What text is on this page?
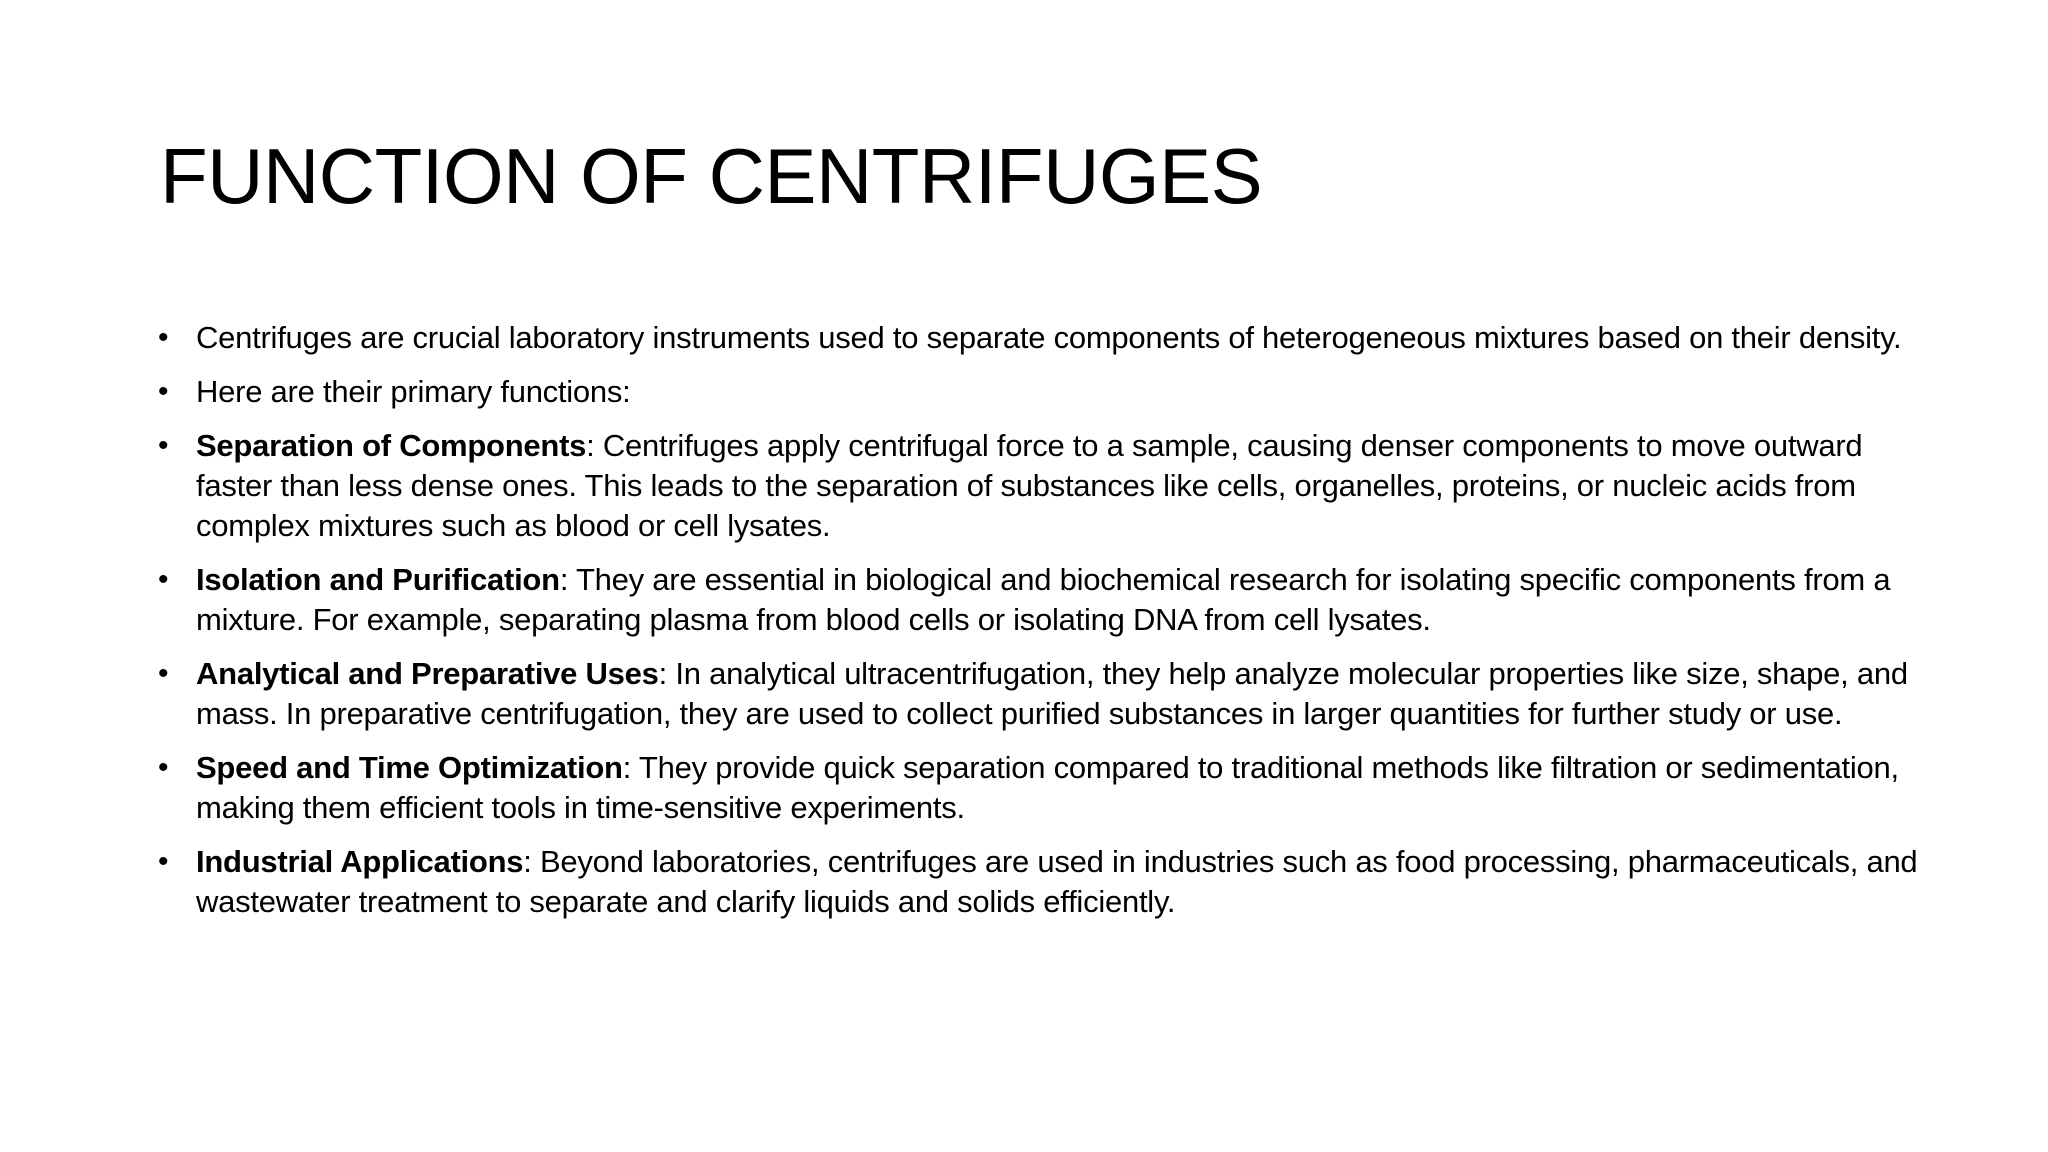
FUNCTION OF CENTRIFUGES
• Centrifuges are crucial laboratory instruments used to separate components of heterogeneous mixtures based on their density.
• Here are their primary functions:
• Separation of Components: Centrifuges apply centrifugal force to a sample, causing denser components to move outward faster than less dense ones. This leads to the separation of substances like cells, organelles, proteins, or nucleic acids from complex mixtures such as blood or cell lysates.
• Isolation and Purification: They are essential in biological and biochemical research for isolating specific components from a mixture. For example, separating plasma from blood cells or isolating DNA from cell lysates.
• Analytical and Preparative Uses: In analytical ultracentrifugation, they help analyze molecular properties like size, shape, and mass. In preparative centrifugation, they are used to collect purified substances in larger quantities for further study or use.
• Speed and Time Optimization: They provide quick separation compared to traditional methods like filtration or sedimentation, making them efficient tools in time-sensitive experiments.
• Industrial Applications: Beyond laboratories, centrifuges are used in industries such as food processing, pharmaceuticals, and wastewater treatment to separate and clarify liquids and solids efficiently.
